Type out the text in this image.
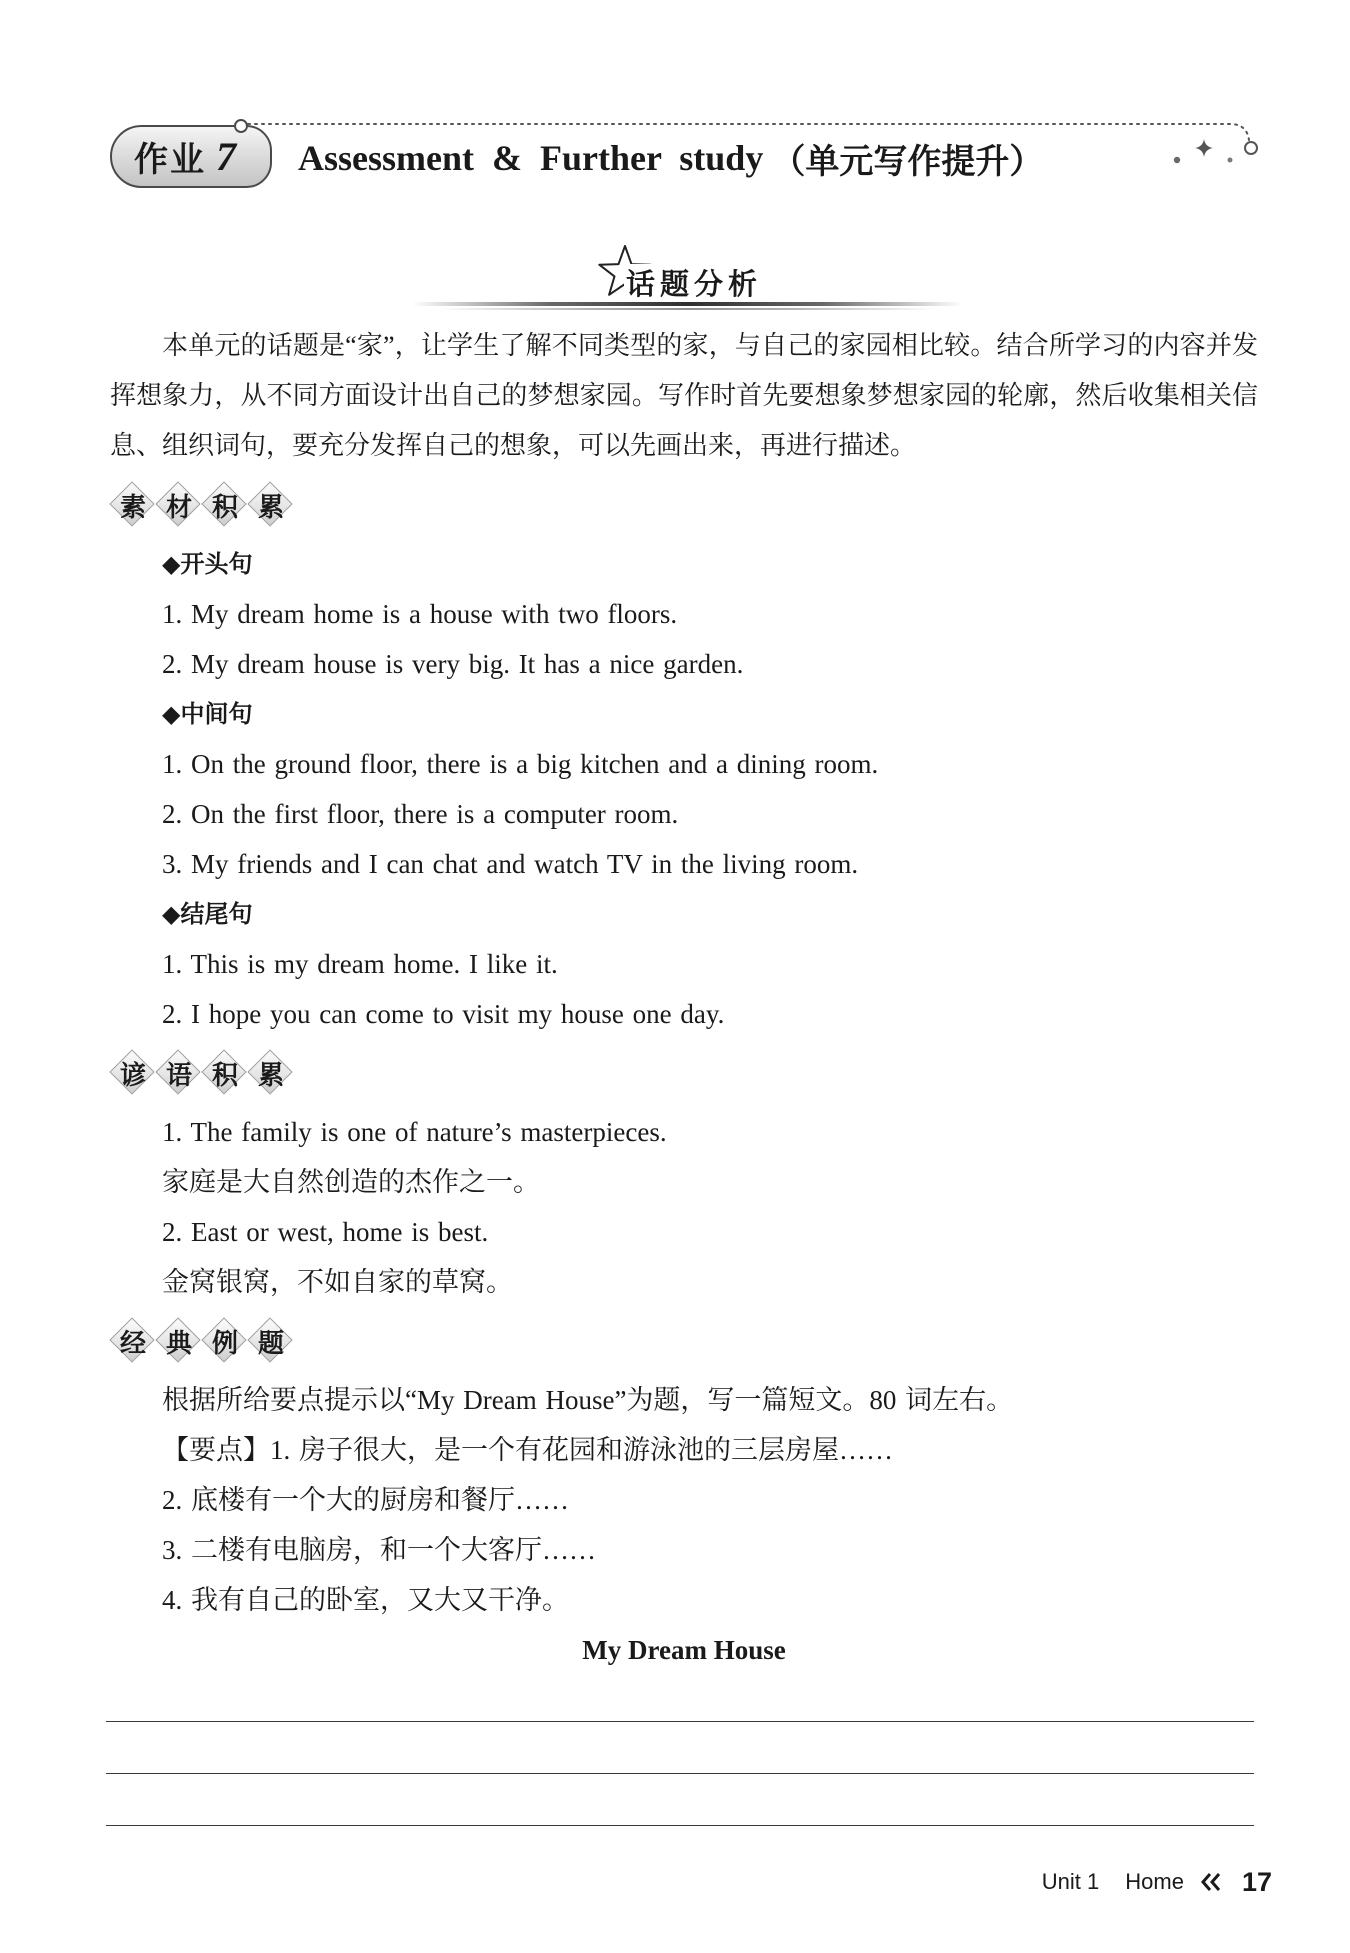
作业 7 Assessment & Further study （单元写作提升）
话题分析

本单元的话题是“家”，让学生了解不同类型的家，与自己的家园相比较。结合所学习的内容并发挥想象力，从不同方面设计出自己的梦想家园。写作时首先要想象梦想家园的轮廓，然后收集相关信息、组织词句，要充分发挥自己的想象，可以先画出来，再进行描述。

素 材 积 累
◆开头句
1. My dream home is a house with two floors.
2. My dream house is very big. It has a nice garden.
◆中间句
1. On the ground floor, there is a big kitchen and a dining room.
2. On the first floor, there is a computer room.
3. My friends and I can chat and watch TV in the living room.
◆结尾句
1. This is my dream home. I like it.
2. I hope you can come to visit my house one day.
谚 语 积 累
1. The family is one of nature’s masterpieces.
家庭是大自然创造的杰作之一。
2. East or west, home is best.
金窝银窝，不如自家的草窝。
经 典 例 题
根据所给要点提示以“My Dream House”为题，写一篇短文。80 词左右。
【要点】1. 房子很大，是一个有花园和游泳池的三层房屋……
2. 底楼有一个大的厨房和餐厅……
3. 二楼有电脑房，和一个大客厅……
4. 我有自己的卧室，又大又干净。
My Dream House
Unit 1 Home 17
